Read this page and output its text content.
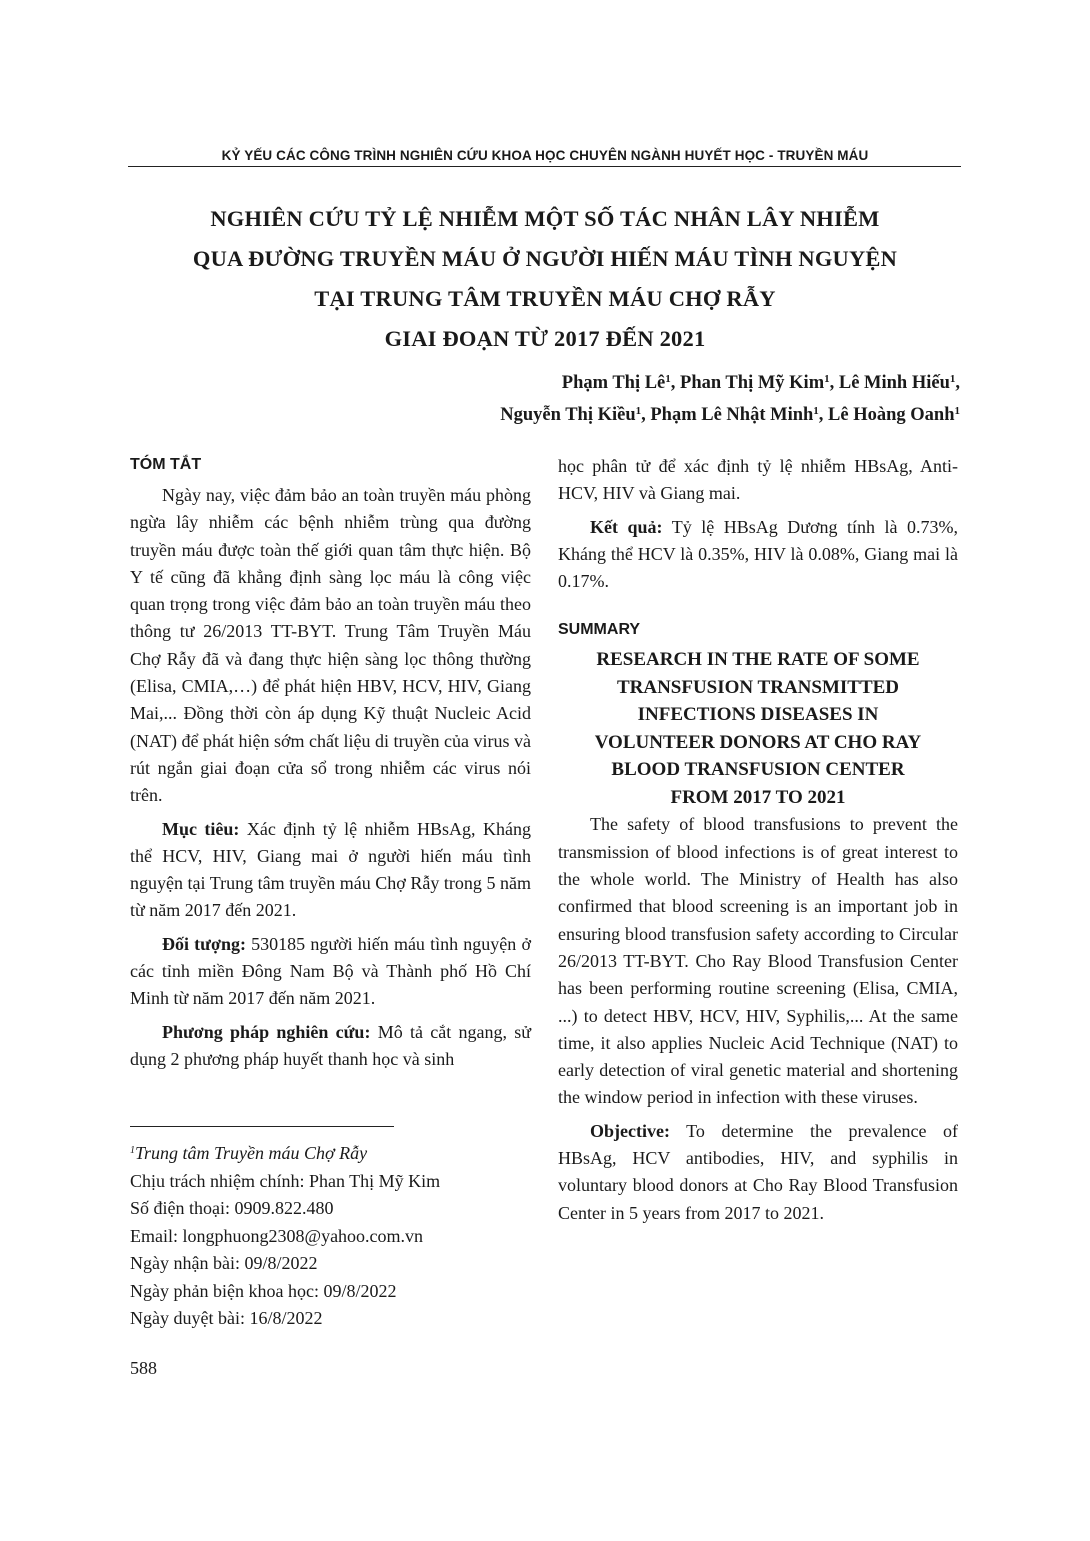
KỶ YẾU CÁC CÔNG TRÌNH NGHIÊN CỨU KHOA HỌC CHUYÊN NGÀNH HUYẾT HỌC - TRUYỀN MÁU
NGHIÊN CỨU TỶ LỆ NHIỄM MỘT SỐ TÁC NHÂN LÂY NHIỄM
QUA ĐƯỜNG TRUYỀN MÁU Ở NGƯỜI HIẾN MÁU TÌNH NGUYỆN
TẠI TRUNG TÂM TRUYỀN MÁU CHỢ RẪY
GIAI ĐOẠN TỪ 2017 ĐẾN 2021
Phạm Thị $Lê^1$, Phan Thị Mỹ Kim$^1$, Lê Minh Hiếu$^1$,
Nguyễn Thị Kiều$^1$, Phạm Lê Nhật Minh$^1$, Lê Hoàng Oanh$^1$
TÓM TẮT

Ngày nay, việc đảm bảo an toàn truyền máu phòng ngừa lây nhiễm các bệnh nhiễm trùng qua đường truyền máu được toàn thế giới quan tâm thực hiện. Bộ Y tế cũng đã khẳng định sàng lọc máu là công việc quan trọng trong việc đảm bảo an toàn truyền máu theo thông tư 26/2013 TT-BYT. Trung Tâm Truyền Máu Chợ Rẫy đã và đang thực hiện sàng lọc thông thường (Elisa, CMIA,…) để phát hiện HBV, HCV, HIV, Giang Mai,... Đồng thời còn áp dụng Kỹ thuật Nucleic Acid (NAT) để phát hiện sớm chất liệu di truyền của virus và rút ngắn giai đoạn cửa sổ trong nhiễm các virus nói trên.

Mục tiêu: Xác định tỷ lệ nhiễm HBsAg, Kháng thể HCV, HIV, Giang mai ở người hiến máu tình nguyện tại Trung tâm truyền máu Chợ Rẫy trong 5 năm từ năm 2017 đến 2021.

Đối tượng: 530185 người hiến máu tình nguyện ở các tỉnh miền Đông Nam Bộ và Thành phố Hồ Chí Minh từ năm 2017 đến năm 2021.

Phương pháp nghiên cứu: Mô tả cắt ngang, sử dụng 2 phương pháp huyết thanh học và sinh

học phân tử để xác định tỷ lệ nhiễm HBsAg, Anti-HCV, HIV và Giang mai.

Kết quả: Tỷ lệ HBsAg Dương tính là 0.73%, Kháng thể HCV là 0.35%, HIV là 0.08%, Giang mai là 0.17%.

SUMMARY
RESEARCH IN THE RATE OF SOME
TRANSFUSION TRANSMITTED
INFECTIONS DISEASES IN
VOLUNTEER DONORS AT CHO RAY
BLOOD TRANSFUSION CENTER
FROM 2017 TO 2021

The safety of blood transfusions to prevent the transmission of blood infections is of great interest to the whole world. The Ministry of Health has also confirmed that blood screening is an important job in ensuring blood transfusion safety according to Circular 26/2013 TT-BYT. Cho Ray Blood Transfusion Center has been performing routine screening (Elisa, CMIA, ...) to detect HBV, HCV, HIV, Syphilis,... At the same time, it also applies Nucleic Acid Technique (NAT) to early detection of viral genetic material and shortening the window period in infection with these viruses.

Objective: To determine the prevalence of HBsAg, HCV antibodies, HIV, and syphilis in voluntary blood donors at Cho Ray Blood Transfusion Center in 5 years from 2017 to 2021.

$^1$Trung tâm Truyền máu Chợ Rẫy
Chịu trách nhiệm chính: Phan Thị Mỹ Kim
Số điện thoại: 0909.822.480
Email: longphuong2308@yahoo.com.vn
Ngày nhận bài: 09/8/2022
Ngày phản biện khoa học: 09/8/2022
Ngày duyệt bài: 16/8/2022
588
